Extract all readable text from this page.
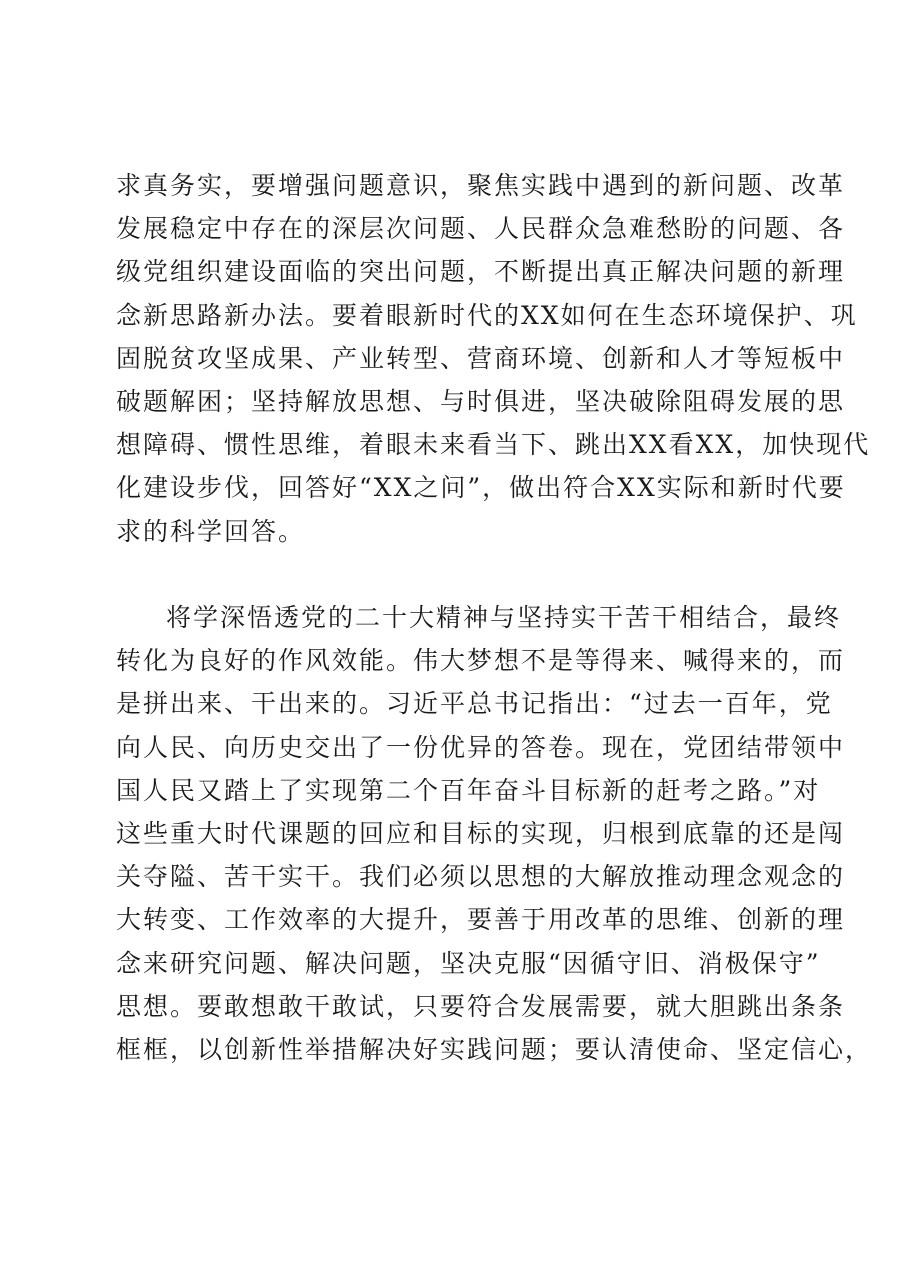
求真务实，要增强问题意识，聚焦实践中遇到的新问题、改革
发展稳定中存在的深层次问题、人民群众急难愁盼的问题、各
级党组织建设面临的突出问题，不断提出真正解决问题的新理
念新思路新办法。要着眼新时代的XX如何在生态环境保护、巩
固脱贫攻坚成果、产业转型、营商环境、创新和人才等短板中
破题解困；坚持解放思想、与时俱进，坚决破除阻碍发展的思
想障碍、惯性思维，着眼未来看当下、跳出XX看XX，加快现代
化建设步伐，回答好“XX之问”，做出符合XX实际和新时代要
求的科学回答。
将学深悟透党的二十大精神与坚持实干苦干相结合，最终
转化为良好的作风效能。伟大梦想不是等得来、喊得来的，而
是拼出来、干出来的。习近平总书记指出：“过去一百年，党
向人民、向历史交出了一份优异的答卷。现在，党团结带领中
国人民又踏上了实现第二个百年奋斗目标新的赶考之路。”对
这些重大时代课题的回应和目标的实现，归根到底靠的还是闯
关夺隘、苦干实干。我们必须以思想的大解放推动理念观念的
大转变、工作效率的大提升，要善于用改革的思维、创新的理
念来研究问题、解决问题，坚决克服“因循守旧、消极保守”
思想。要敢想敢干敢试，只要符合发展需要，就大胆跳出条条
框框，以创新性举措解决好实践问题；要认清使命、坚定信心，
